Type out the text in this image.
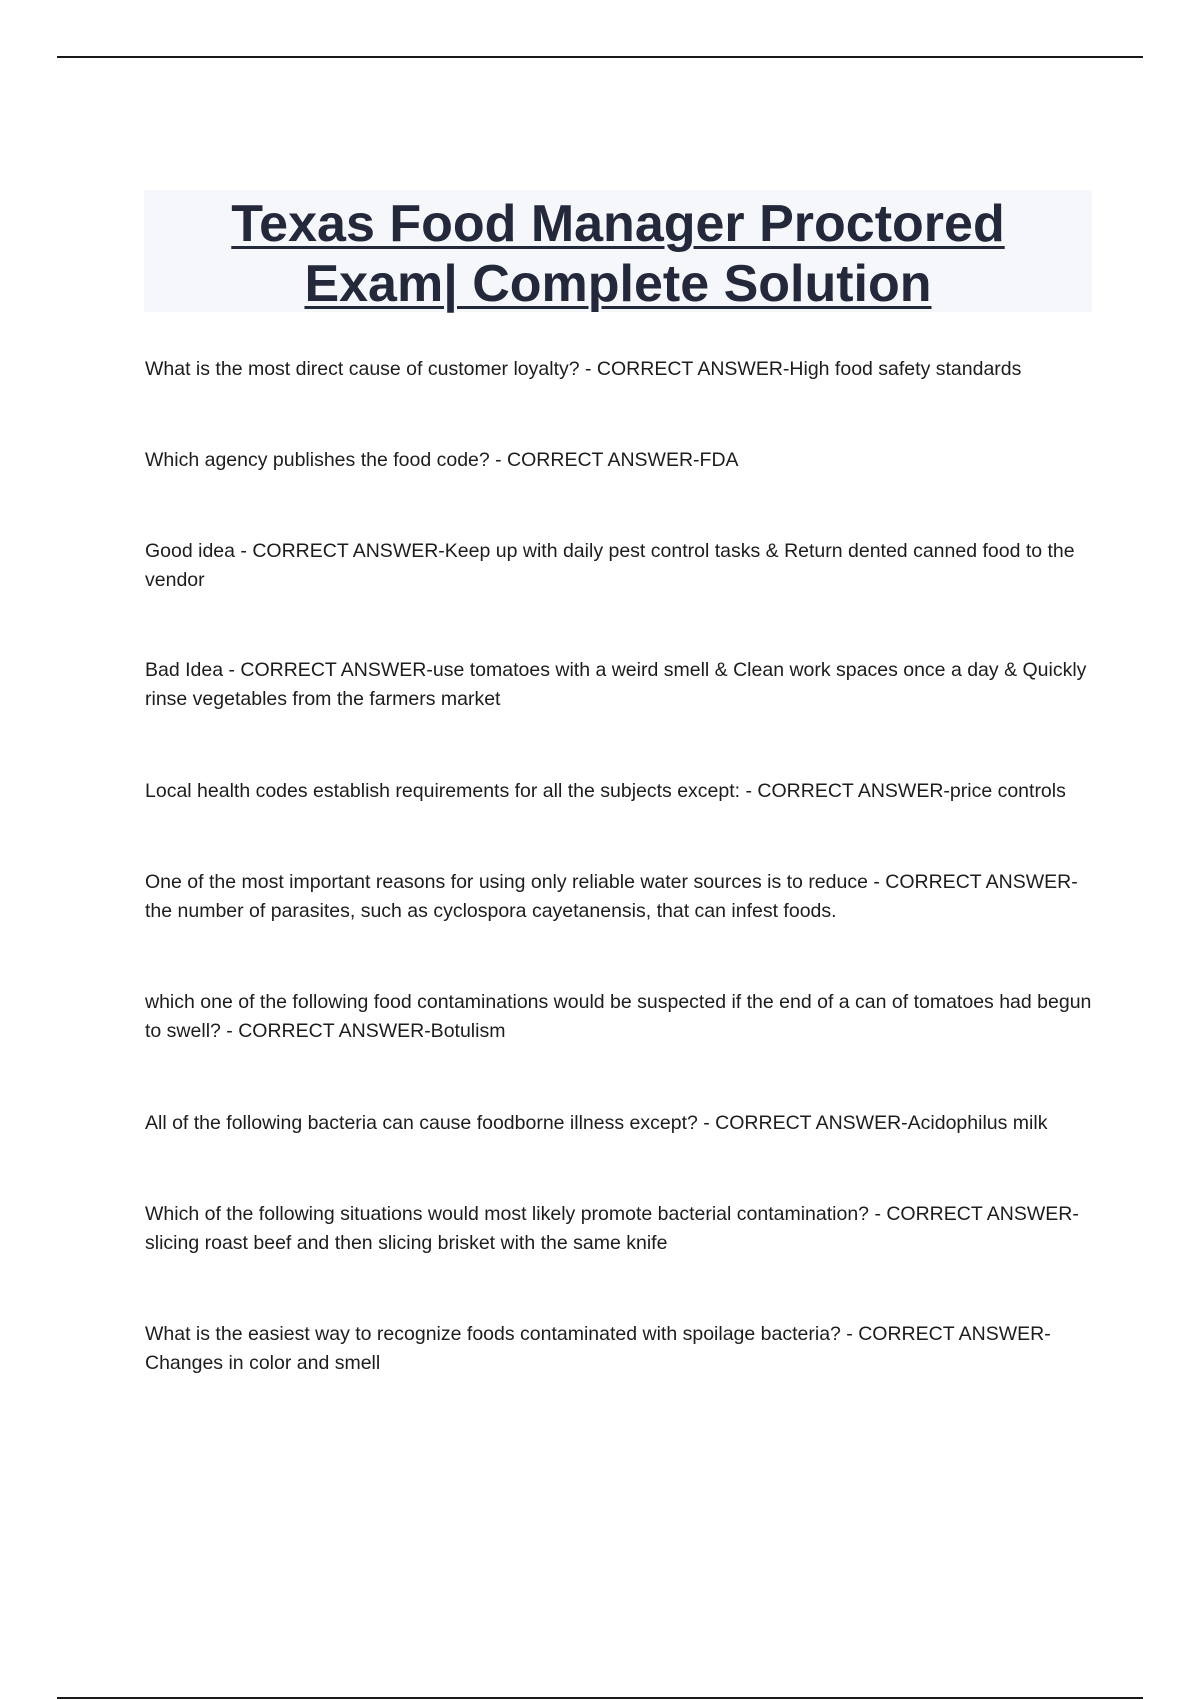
Texas Food Manager Proctored
Exam| Complete Solution
What is the most direct cause of customer loyalty? - CORRECT ANSWER-High food safety standards
Which agency publishes the food code? - CORRECT ANSWER-FDA
Good idea - CORRECT ANSWER-Keep up with daily pest control tasks & Return dented canned food to the vendor
Bad Idea - CORRECT ANSWER-use tomatoes with a weird smell & Clean work spaces once a day & Quickly rinse vegetables from the farmers market
Local health codes establish requirements for all the subjects except: - CORRECT ANSWER-price controls
One of the most important reasons for using only reliable water sources is to reduce - CORRECT ANSWER-the number of parasites, such as cyclospora cayetanensis, that can infest foods.
which one of the following food contaminations would be suspected if the end of a can of tomatoes had begun to swell? - CORRECT ANSWER-Botulism
All of the following bacteria can cause foodborne illness except? - CORRECT ANSWER-Acidophilus milk
Which of the following situations would most likely promote bacterial contamination? - CORRECT ANSWER-slicing roast beef and then slicing brisket with the same knife
What is the easiest way to recognize foods contaminated with spoilage bacteria? - CORRECT ANSWER-Changes in color and smell
